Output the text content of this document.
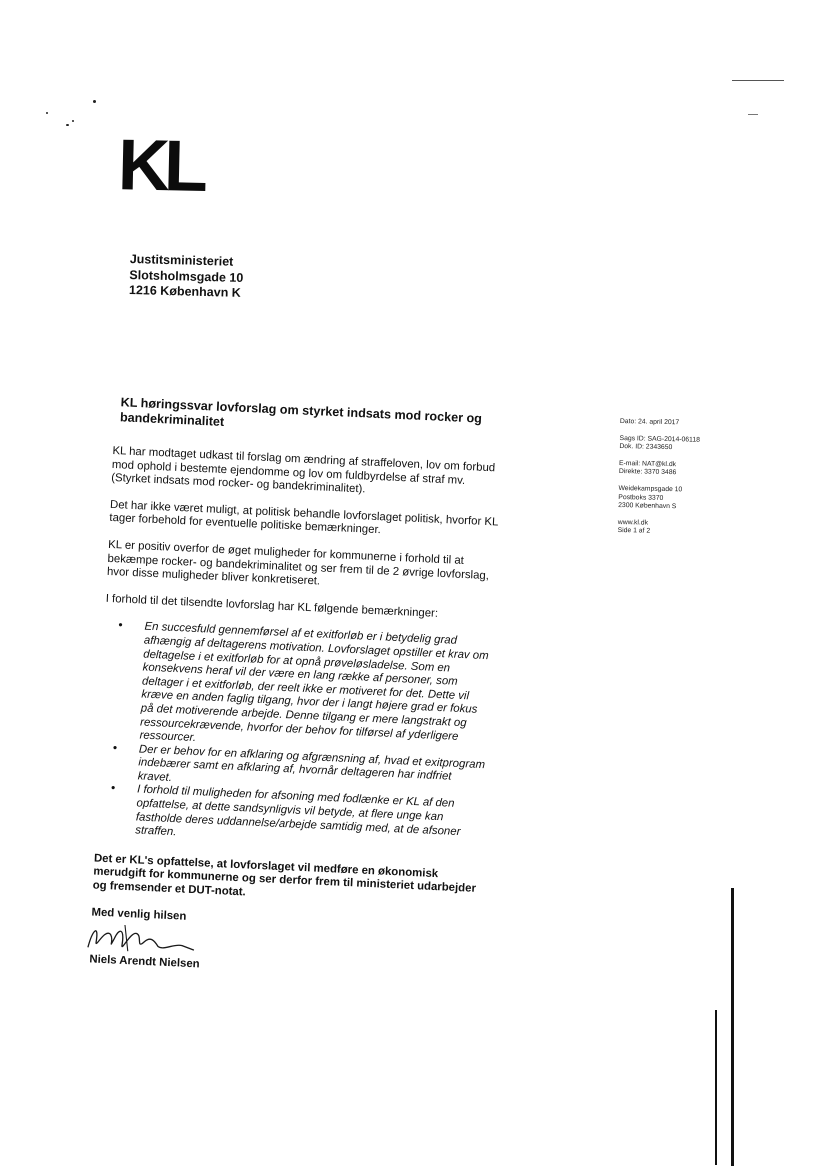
KL
Justitsministeriet
Slotsholmsgade 10
1216 København K
KL høringssvar lovforslag om styrket indsats mod rocker og bandekriminalitet

KL har modtaget udkast til forslag om ændring af straffeloven, lov om forbud mod ophold i bestemte ejendomme og lov om fuldbyrdelse af straf mv. (Styrket indsats mod rocker- og bandekriminalitet).

Det har ikke været muligt, at politisk behandle lovforslaget politisk, hvorfor KL tager forbehold for eventuelle politiske bemærkninger.

KL er positiv overfor de øget muligheder for kommunerne i forhold til at bekæmpe rocker- og bandekriminalitet og ser frem til de 2 øvrige lovforslag, hvor disse muligheder bliver konkretiseret.

I forhold til det tilsendte lovforslag har KL følgende bemærkninger:

• En succesfuld gennemførsel af et exitforløb er i betydelig grad afhængig af deltagerens motivation. Lovforslaget opstiller et krav om deltagelse i et exitforløb for at opnå prøveløsladelse. Som en konsekvens heraf vil der være en lang række af personer, som deltager i et exitforløb, der reelt ikke er motiveret for det. Dette vil kræve en anden faglig tilgang, hvor der i langt højere grad er fokus på det motiverende arbejde. Denne tilgang er mere langstrakt og ressourcekrævende, hvorfor der behov for tilførsel af yderligere ressourcer.
• Der er behov for en afklaring og afgrænsning af, hvad et exitprogram indebærer samt en afklaring af, hvornår deltageren har indfriet kravet.
• I forhold til muligheden for afsoning med fodlænke er KL af den opfattelse, at dette sandsynligvis vil betyde, at flere unge kan fastholde deres uddannelse/arbejde samtidig med, at de afsoner straffen.

Det er KL's opfattelse, at lovforslaget vil medføre en økonomisk merudgift for kommunerne og ser derfor frem til ministeriet udarbejder og fremsender et DUT-notat.

Med venlig hilsen
Niels Arendt Nielsen
Dato: 24. april 2017
Sags ID: SAG-2014-06118
Dok. ID: 2343650
E-mail: NAT@kl.dk
Direkte: 3370 3486
Weidekampsgade 10
Postboks 3370
2300 København S
www.kl.dk
Side 1 af 2
